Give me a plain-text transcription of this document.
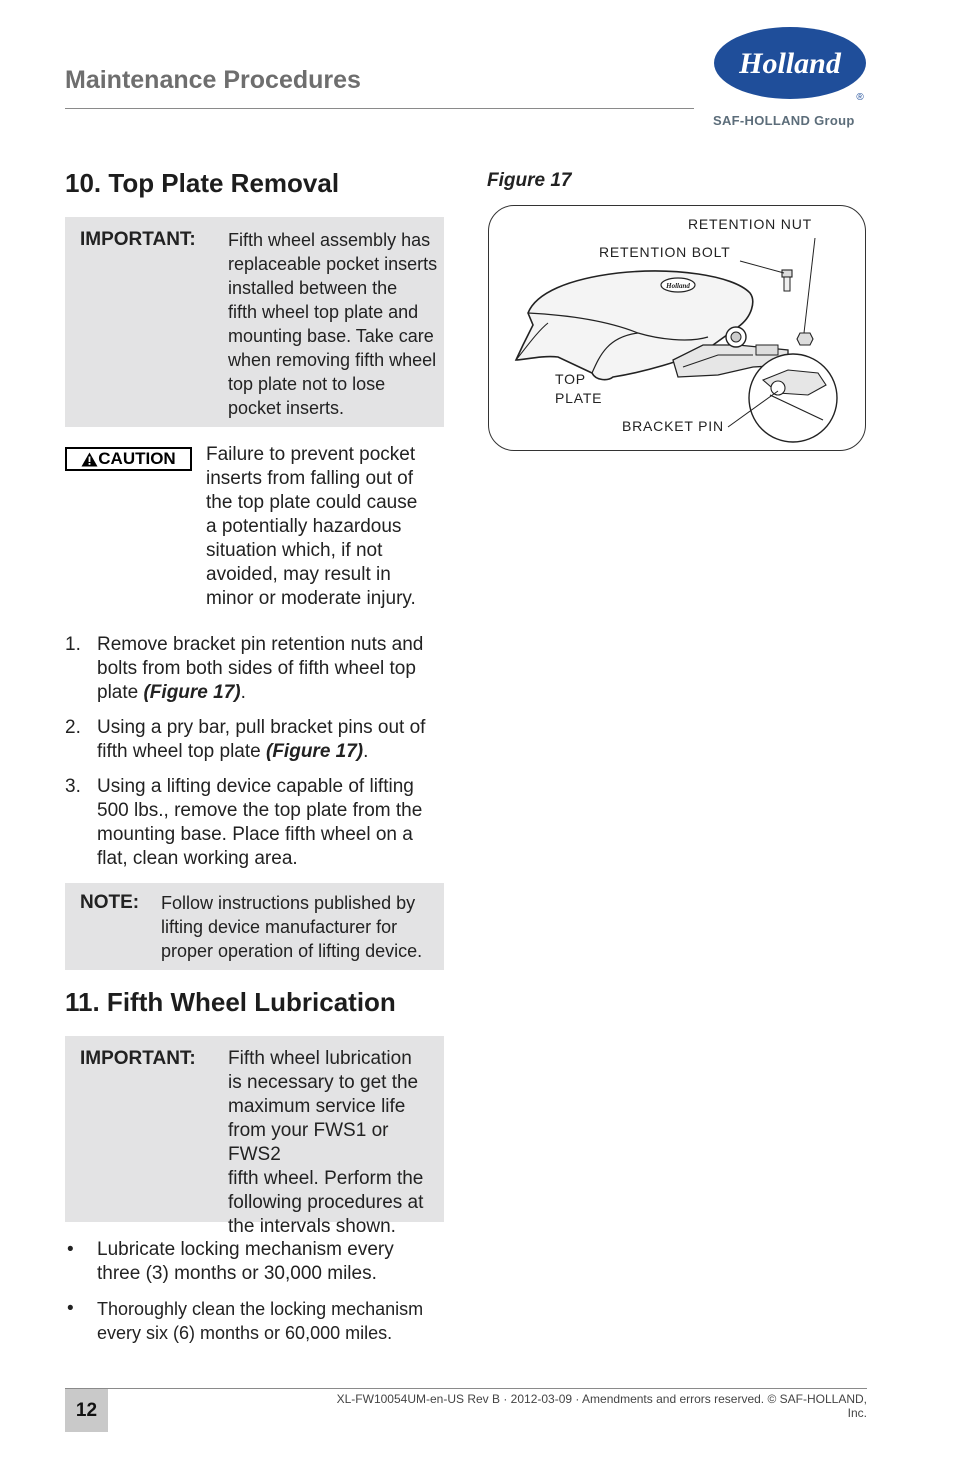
Maintenance Procedures	Holland
®
SAF-HOLLAND Group
10. Top Plate Removal
IMPORTANT: Fifth wheel assembly has
replaceable pocket inserts
installed between the
fifth wheel top plate and
mounting base. Take care
when removing fifth wheel
top plate not to lose
pocket inserts.
CAUTION Failure to prevent pocket
inserts from falling out of
the top plate could cause
a potentially hazardous
situation which, if not
avoided, may result in
minor or moderate injury.
1. Remove bracket pin retention nuts and
bolts from both sides of fifth wheel top
plate (Figure 17).
2. Using a pry bar, pull bracket pins out of
fifth wheel top plate (Figure 17).
3. Using a lifting device capable of lifting
500 lbs., remove the top plate from the
mounting base. Place fifth wheel on a
flat, clean working area.
NOTE: Follow instructions published by
lifting device manufacturer for
proper operation of lifting device.
11. Fifth Wheel Lubrication
IMPORTANT: Fifth wheel lubrication
is necessary to get the
maximum service life
from your FWS1 or FWS2
fifth wheel. Perform the
following procedures at
the intervals shown.
• Lubricate locking mechanism every
three (3) months or 30,000 miles.
• Thoroughly clean the locking mechanism
every six (6) months or 60,000 miles.
Figure 17
Holland
RETENTION NUT
RETENTION BOLT
TOP
PLATE
BRACKET PIN
12
XL-FW10054UM-en-US Rev B · 2012-03-09 · Amendments and errors reserved. © SAF-HOLLAND, Inc.
